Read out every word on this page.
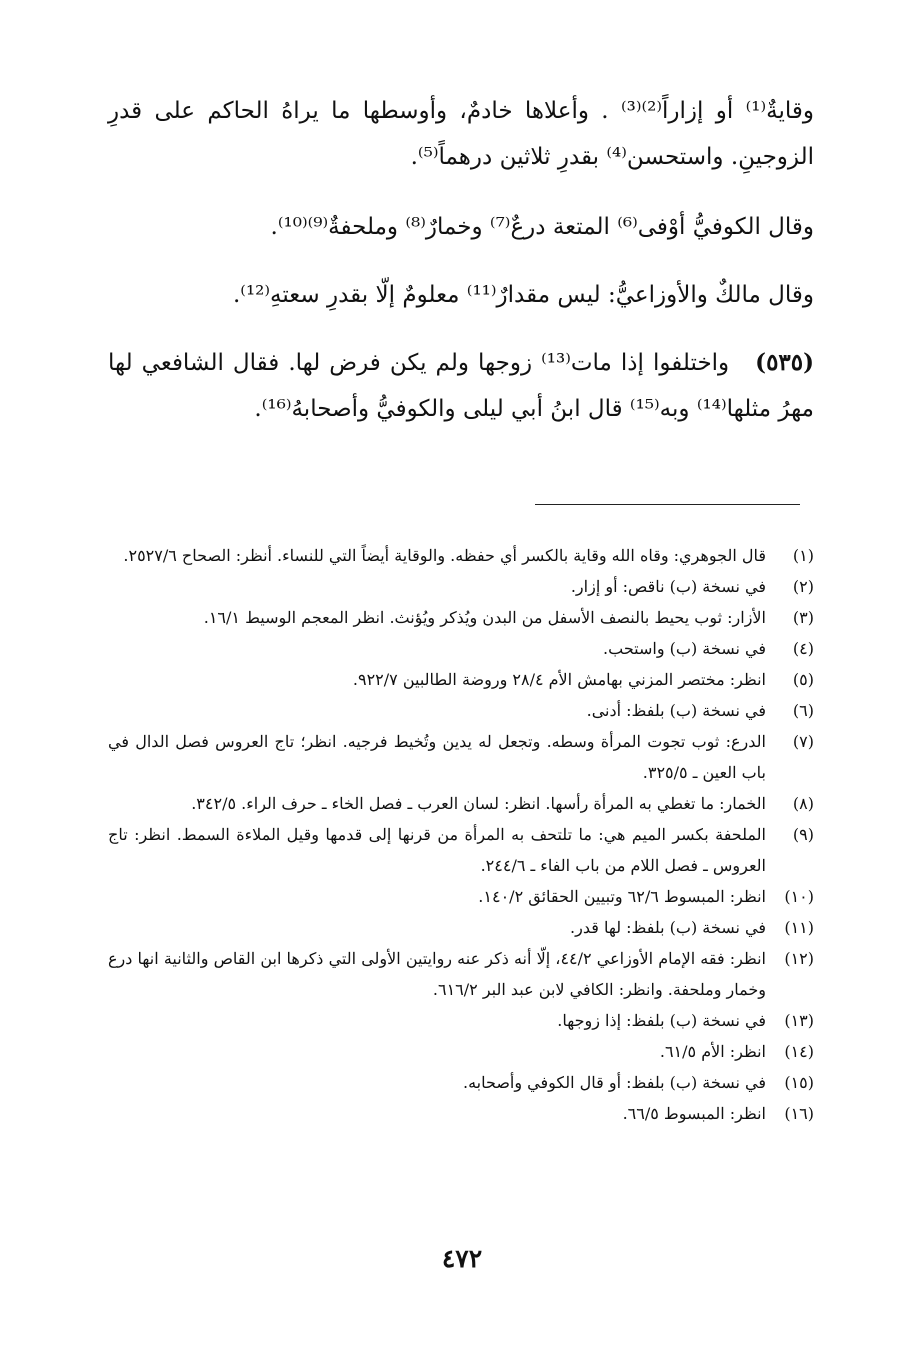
وقايةٌ⁽¹⁾ أو إزاراً⁽²⁾⁽³⁾ . وأعلاها خادمٌ، وأوسطها ما يراهُ الحاكم على قدرِ الزوجينِ. واستحسن⁽⁴⁾ بقدرِ ثلاثين درهماً⁽⁵⁾.

وقال الكوفيُّ أوْفى⁽⁶⁾ المتعة درعٌ⁽⁷⁾ وخمارٌ⁽⁸⁾ وملحفةٌ⁽⁹⁾⁽¹⁰⁾.

وقال مالكٌ والأوزاعيُّ: ليس مقدارٌ⁽¹¹⁾ معلومٌ إلّا بقدرِ سعتهِ⁽¹²⁾.

(٥٣٥)واختلفوا إذا مات⁽¹³⁾ زوجها ولم يكن فرض لها. فقال الشافعي لها مهرُ مثلها⁽¹⁴⁾ وبه⁽¹⁵⁾ قال ابنُ أبي ليلى والكوفيُّ وأصحابهُ⁽¹⁶⁾.

(١)
قال الجوهري: وقاه الله وقاية بالكسر أي حفظه. والوقاية أيضاً التي للنساء. أنظر: الصحاح ٢٥٢٧/٦.
(٢)
في نسخة (ب) ناقص: أو إزار.
(٣)
الأزار: ثوب يحيط بالنصف الأسفل من البدن ويُذكر ويُؤنث. انظر المعجم الوسيط ١٦/١.
(٤)
في نسخة (ب) واستحب.
(٥)
انظر: مختصر المزني بهامش الأم ٢٨/٤ وروضة الطالبين ٩٢٢/٧.
(٦)
في نسخة (ب) بلفظ: أدنى.
(٧)
الدرع: ثوب تجوت المرأة وسطه. وتجعل له يدين وتُخيط فرجيه. انظر؛ تاج العروس فصل الدال في باب العين ـ ٣٢٥/٥.
(٨)
الخمار: ما تغطي به المرأة رأسها. انظر: لسان العرب ـ فصل الخاء ـ حرف الراء. ٣٤٢/٥.
(٩)
الملحفة بكسر الميم هي: ما تلتحف به المرأة من قرنها إلى قدمها وقيل الملاءة السمط. انظر: تاج العروس ـ فصل اللام من باب الفاء ـ ٢٤٤/٦.
(١٠)
انظر: المبسوط ٦٢/٦ وتبيين الحقائق ١٤٠/٢.
(١١)
في نسخة (ب) بلفظ: لها قدر.
(١٢)
انظر: فقه الإمام الأوزاعي ٤٤/٢، إلّا أنه ذكر عنه روايتين الأولى التي ذكرها ابن القاص والثانية انها درع وخمار وملحفة. وانظر: الكافي لابن عبد البر ٦١٦/٢.
(١٣)
في نسخة (ب) بلفظ: إذا زوجها.
(١٤)
انظر: الأم ٦١/٥.
(١٥)
في نسخة (ب) بلفظ: أو قال الكوفي وأصحابه.
(١٦)
انظر: المبسوط ٦٦/٥.
٤٧٢
